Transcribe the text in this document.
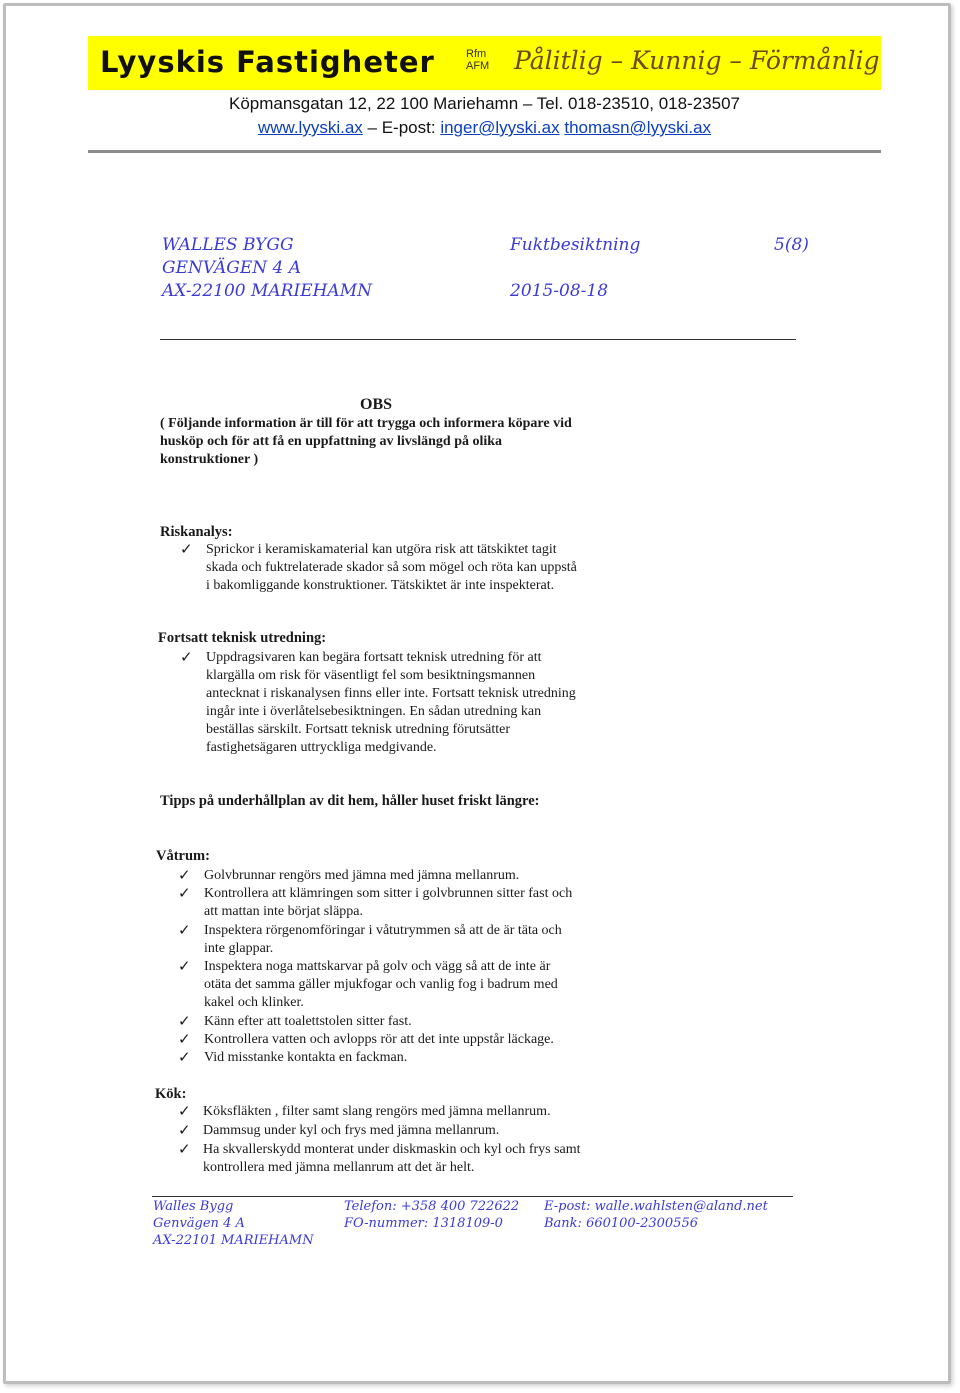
Lyyskis Fastigheter	Rfm
AFM Pålitlig – Kunnig – Förmånlig
Köpmansgatan 12, 22 100 Mariehamn – Tel. 018-23510, 018-23507
www.lyyski.ax – E-post: inger@lyyski.ax thomasn@lyyski.ax
WALLES BYGG
GENVÄGEN 4 A
AX-22100 MARIEHAMN
Fuktbesiktning
2015-08-18
5(8)
OBS
( Följande information är till för att trygga och informera köpare vid
husköp och för att få en uppfattning av livslängd på olika
konstruktioner )
Riskanalys:
✓ Sprickor i keramiskamaterial kan utgöra risk att tätskiktet tagit
skada och fuktrelaterade skador så som mögel och röta kan uppstå
i bakomliggande konstruktioner. Tätskiktet är inte inspekterat.
Fortsatt teknisk utredning:
✓ Uppdragsivaren kan begära fortsatt teknisk utredning för att
klargälla om risk för väsentligt fel som besiktningsmannen
antecknat i riskanalysen finns eller inte. Fortsatt teknisk utredning
ingår inte i överlåtelsebesiktningen. En sådan utredning kan
beställas särskilt. Fortsatt teknisk utredning förutsätter
fastighetsägaren uttryckliga medgivande.
Tipps på underhållplan av dit hem, håller huset friskt längre:
Våtrum:
✓ Golvbrunnar rengörs med jämna med jämna mellanrum.
✓ Kontrollera att klämringen som sitter i golvbrunnen sitter fast och
att mattan inte börjat släppa.
✓ Inspektera rörgenomföringar i våtutrymmen så att de är täta och
inte glappar.
✓ Inspektera noga mattskarvar på golv och vägg så att de inte är
otäta det samma gäller mjukfogar och vanlig fog i badrum med
kakel och klinker.
✓ Känn efter att toalettstolen sitter fast.
✓ Kontrollera vatten och avlopps rör att det inte uppstår läckage.
✓ Vid misstanke kontakta en fackman.
Kök:
✓ Köksfläkten , filter samt slang rengörs med jämna mellanrum.
✓ Dammsug under kyl och frys med jämna mellanrum.
✓ Ha skvallerskydd monterat under diskmaskin och kyl och frys samt
kontrollera med jämna mellanrum att det är helt.
Walles Bygg
Genvägen 4 A
AX-22101 MARIEHAMN
Telefon: +358 400 722622
FO-nummer: 1318109-0
E-post: walle.wahlsten@aland.net
Bank: 660100-2300556
